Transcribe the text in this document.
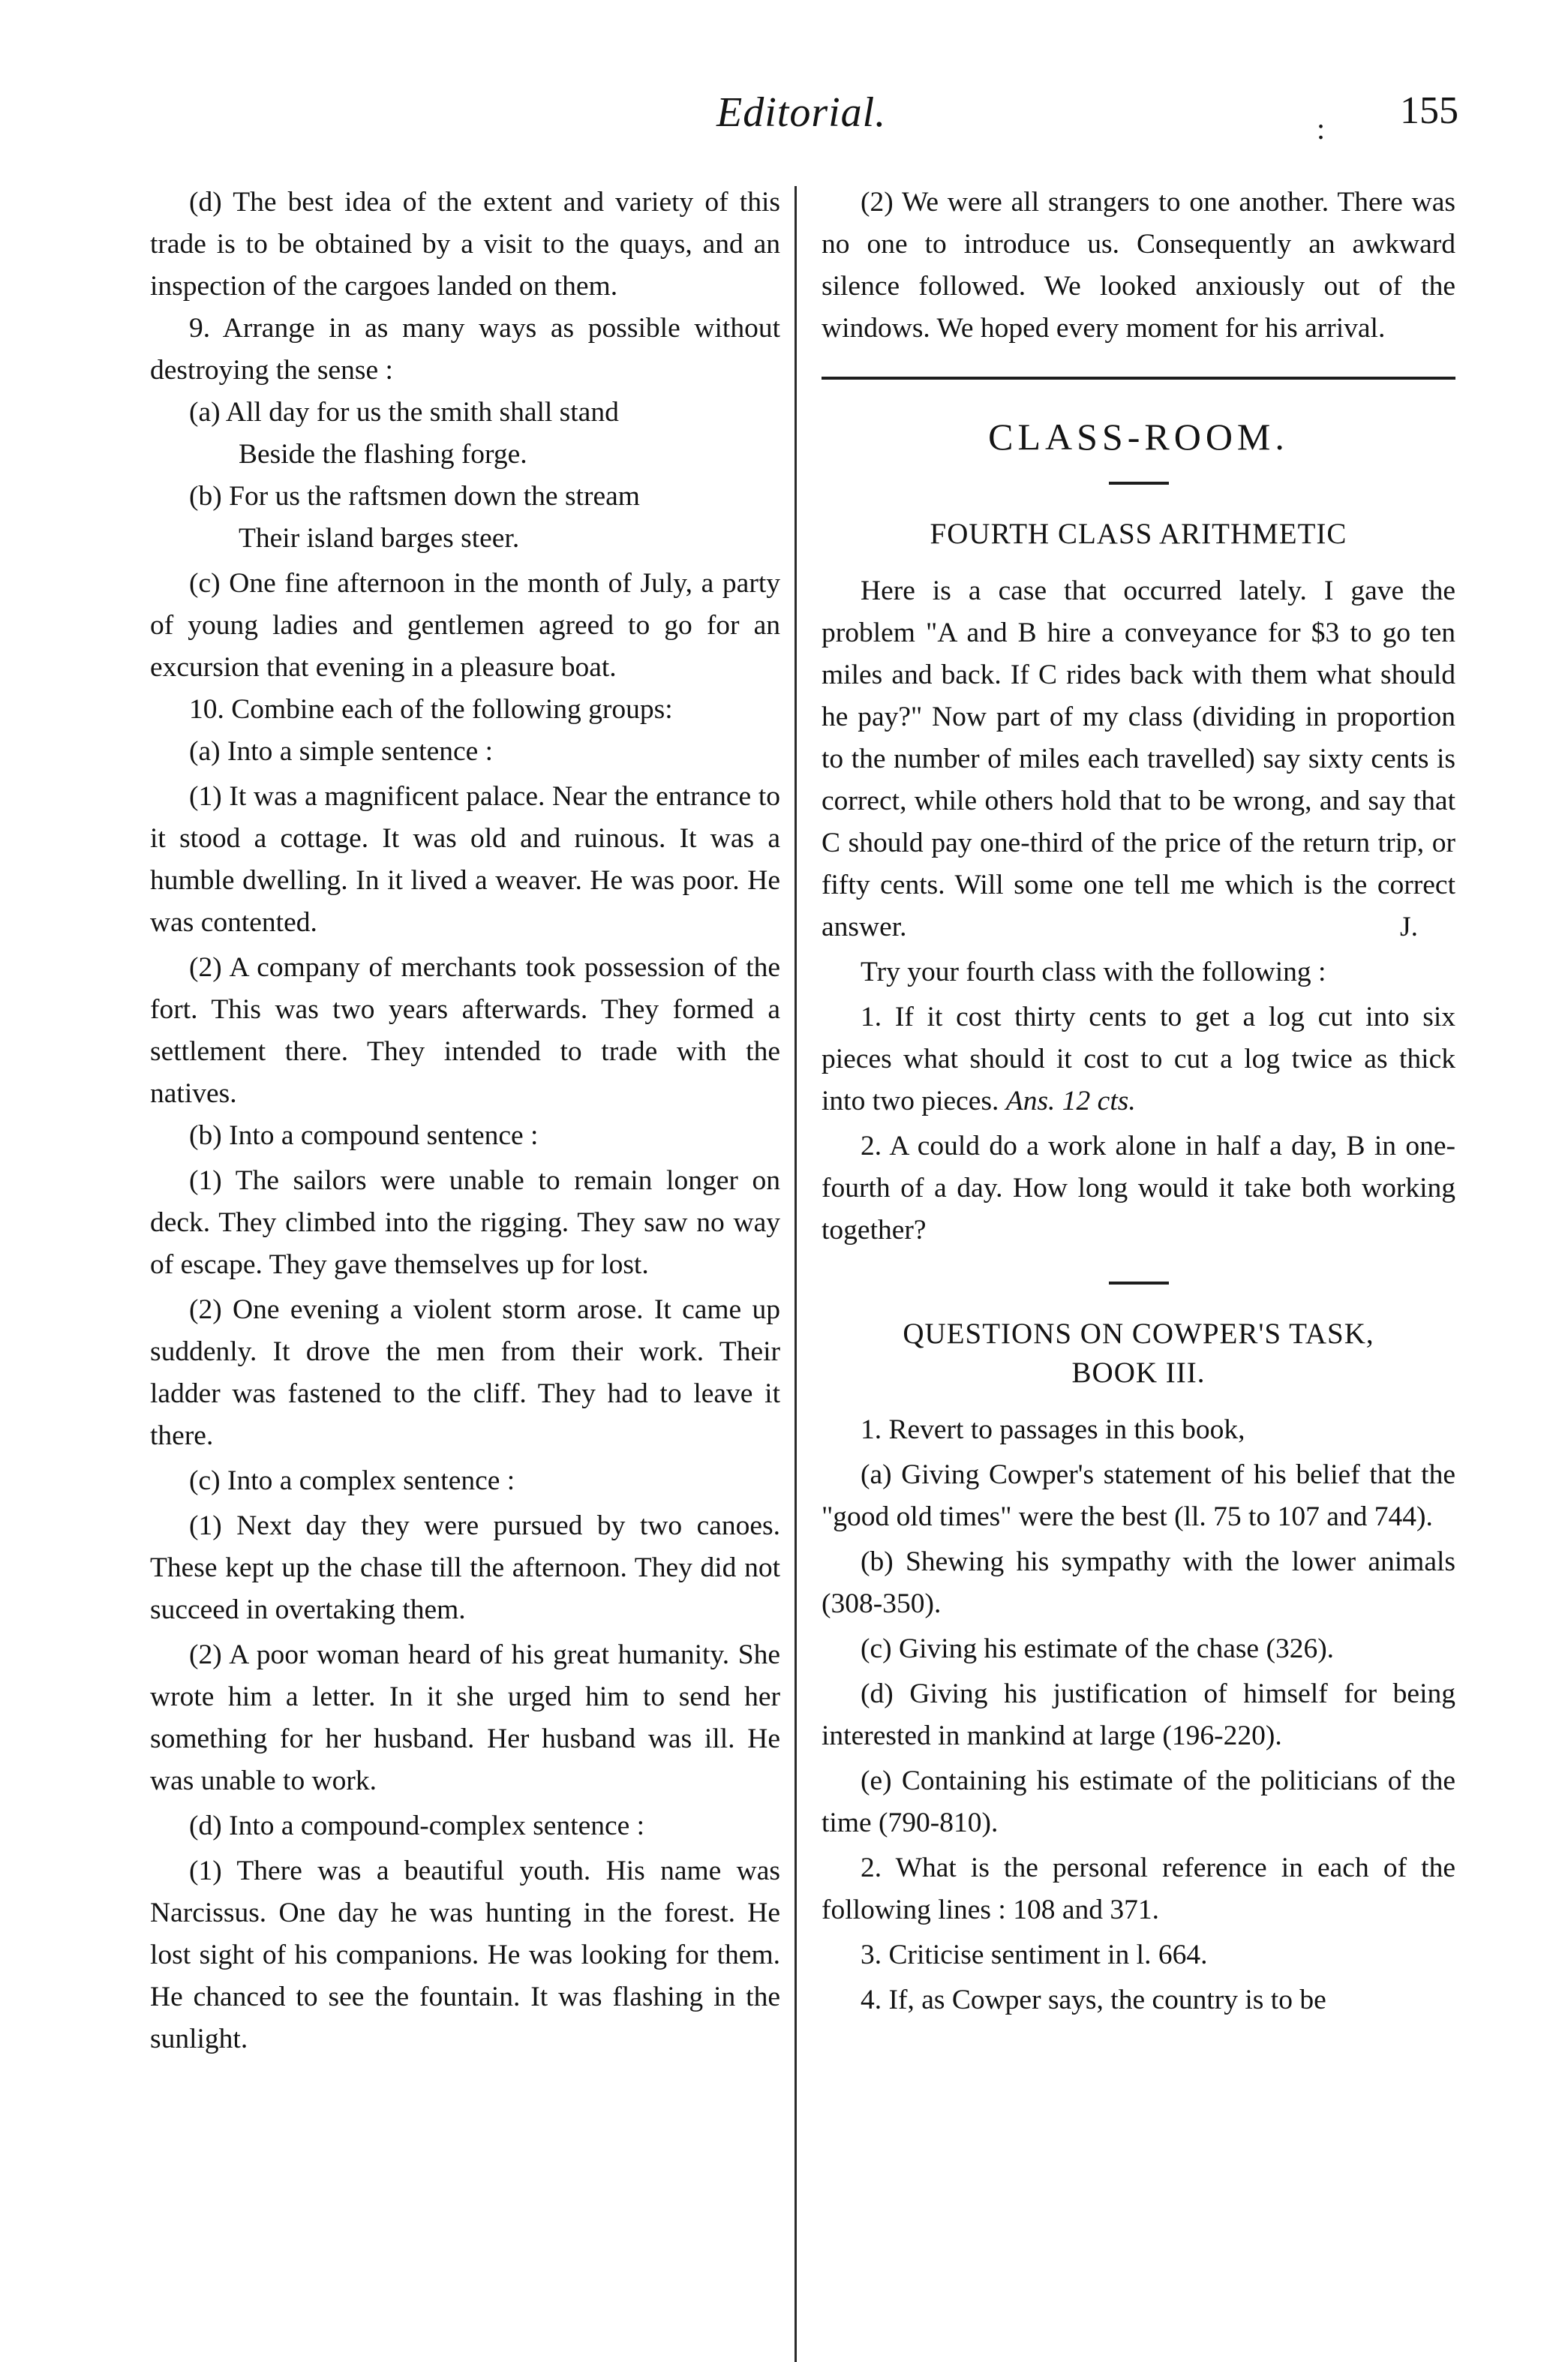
Editorial.	: 155

(d) The best idea of the extent and variety of this trade is to be obtained by a visit to the quays, and an inspection of the cargoes landed on them.

9. Arrange in as many ways as possible without destroying the sense :

(a) All day for us the smith shall stand

Beside the flashing forge.

(b) For us the raftsmen down the stream

Their island barges steer.

(c) One fine afternoon in the month of July, a party of young ladies and gentlemen agreed to go for an excursion that evening in a pleasure boat.

10. Combine each of the following groups:

(a) Into a simple sentence :

(1) It was a magnificent palace. Near the entrance to it stood a cottage. It was old and ruinous. It was a humble dwelling. In it lived a weaver. He was poor. He was contented.

(2) A company of merchants took possession of the fort. This was two years afterwards. They formed a settlement there. They intended to trade with the natives.

(b) Into a compound sentence :

(1) The sailors were unable to remain longer on deck. They climbed into the rigging. They saw no way of escape. They gave themselves up for lost.

(2) One evening a violent storm arose. It came up suddenly. It drove the men from their work. Their ladder was fastened to the cliff. They had to leave it there.

(c) Into a complex sentence :

(1) Next day they were pursued by two canoes. These kept up the chase till the afternoon. They did not succeed in overtaking them.

(2) A poor woman heard of his great humanity. She wrote him a letter. In it she urged him to send her something for her husband. Her husband was ill. He was unable to work.

(d) Into a compound-complex sentence :

(1) There was a beautiful youth. His name was Narcissus. One day he was hunting in the forest. He lost sight of his companions. He was looking for them. He chanced to see the fountain. It was flashing in the sunlight.

(2) We were all strangers to one another. There was no one to introduce us. Consequently an awkward silence followed. We looked anxiously out of the windows. We hoped every moment for his arrival.

CLASS-ROOM.
FOURTH CLASS ARITHMETIC

Here is a case that occurred lately. I gave the problem "A and B hire a conveyance for $3 to go ten miles and back. If C rides back with them what should he pay?" Now part of my class (dividing in proportion to the number of miles each travelled) say sixty cents is correct, while others hold that to be wrong, and say that C should pay one-third of the price of the return trip, or fifty cents. Will some one tell me which is the correct

answer.	J.

Try your fourth class with the following :

1. If it cost thirty cents to get a log cut into six pieces what should it cost to cut a log twice as thick into two pieces. Ans. 12 cts.

2. A could do a work alone in half a day, B in one-fourth of a day. How long would it take both working together?

QUESTIONS ON COWPER'S TASK,
BOOK III.

1. Revert to passages in this book,

(a) Giving Cowper's statement of his belief that the "good old times" were the best (ll. 75 to 107 and 744).

(b) Shewing his sympathy with the lower animals (308-350).

(c) Giving his estimate of the chase (326).

(d) Giving his justification of himself for being interested in mankind at large (196-220).

(e) Containing his estimate of the politicians of the time (790-810).

2. What is the personal reference in each of the following lines : 108 and 371.

3. Criticise sentiment in l. 664.

4. If, as Cowper says, the country is to be
